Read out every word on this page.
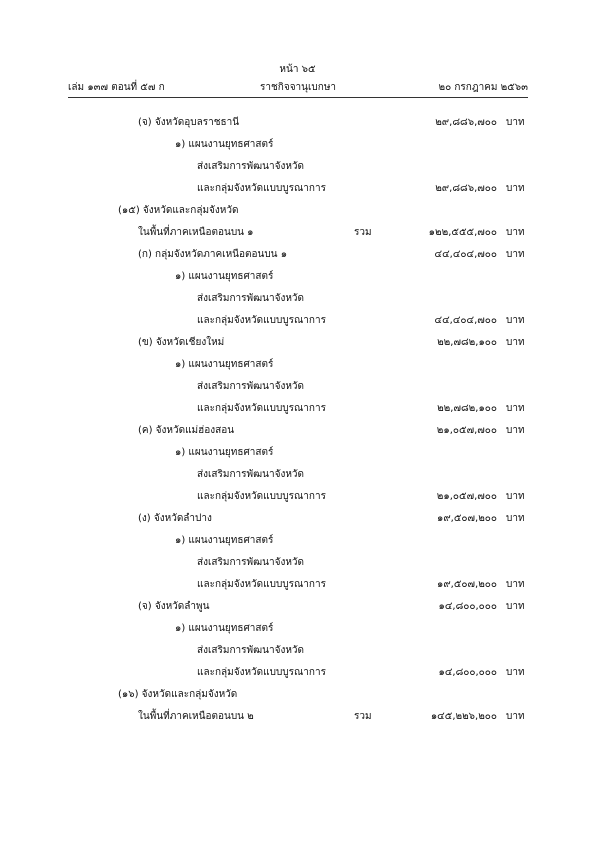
หน้า ๖๕
เล่ม ๑๓๗ ตอนที่ ๕๗ ก	ราชกิจจานุเบกษา	๒๐ กรกฎาคม ๒๕๖๓
(จ) จังหวัดอุบลราชธานี	๒๙,๘๘๖,๗๐๐ บาท
๑) แผนงานยุทธศาสตร์
ส่งเสริมการพัฒนาจังหวัด
และกลุ่มจังหวัดแบบบูรณาการ	๒๙,๘๘๖,๗๐๐ บาท
(๑๕) จังหวัดและกลุ่มจังหวัด
ในพื้นที่ภาคเหนือตอนบน ๑	รวม	๑๒๒,๕๕๕,๗๐๐ บาท
(ก) กลุ่มจังหวัดภาคเหนือตอนบน ๑	๔๔,๔๐๔,๗๐๐ บาท
๑) แผนงานยุทธศาสตร์
ส่งเสริมการพัฒนาจังหวัด
และกลุ่มจังหวัดแบบบูรณาการ	๔๔,๔๐๔,๗๐๐ บาท
(ข) จังหวัดเชียงใหม่	๒๒,๗๘๒,๑๐๐ บาท
๑) แผนงานยุทธศาสตร์
ส่งเสริมการพัฒนาจังหวัด
และกลุ่มจังหวัดแบบบูรณาการ	๒๒,๗๘๒,๑๐๐ บาท
(ค) จังหวัดแม่ฮ่องสอน	๒๑,๐๕๗,๗๐๐ บาท
๑) แผนงานยุทธศาสตร์
ส่งเสริมการพัฒนาจังหวัด
และกลุ่มจังหวัดแบบบูรณาการ	๒๑,๐๕๗,๗๐๐ บาท
(ง) จังหวัดลำปาง	๑๙,๕๐๗,๒๐๐ บาท
๑) แผนงานยุทธศาสตร์
ส่งเสริมการพัฒนาจังหวัด
และกลุ่มจังหวัดแบบบูรณาการ	๑๙,๕๐๗,๒๐๐ บาท
(จ) จังหวัดลำพูน	๑๔,๘๐๐,๐๐๐ บาท
๑) แผนงานยุทธศาสตร์
ส่งเสริมการพัฒนาจังหวัด
และกลุ่มจังหวัดแบบบูรณาการ	๑๔,๘๐๐,๐๐๐ บาท
(๑๖) จังหวัดและกลุ่มจังหวัด
ในพื้นที่ภาคเหนือตอนบน ๒	รวม	๑๔๕,๒๒๖,๒๐๐ บาท
